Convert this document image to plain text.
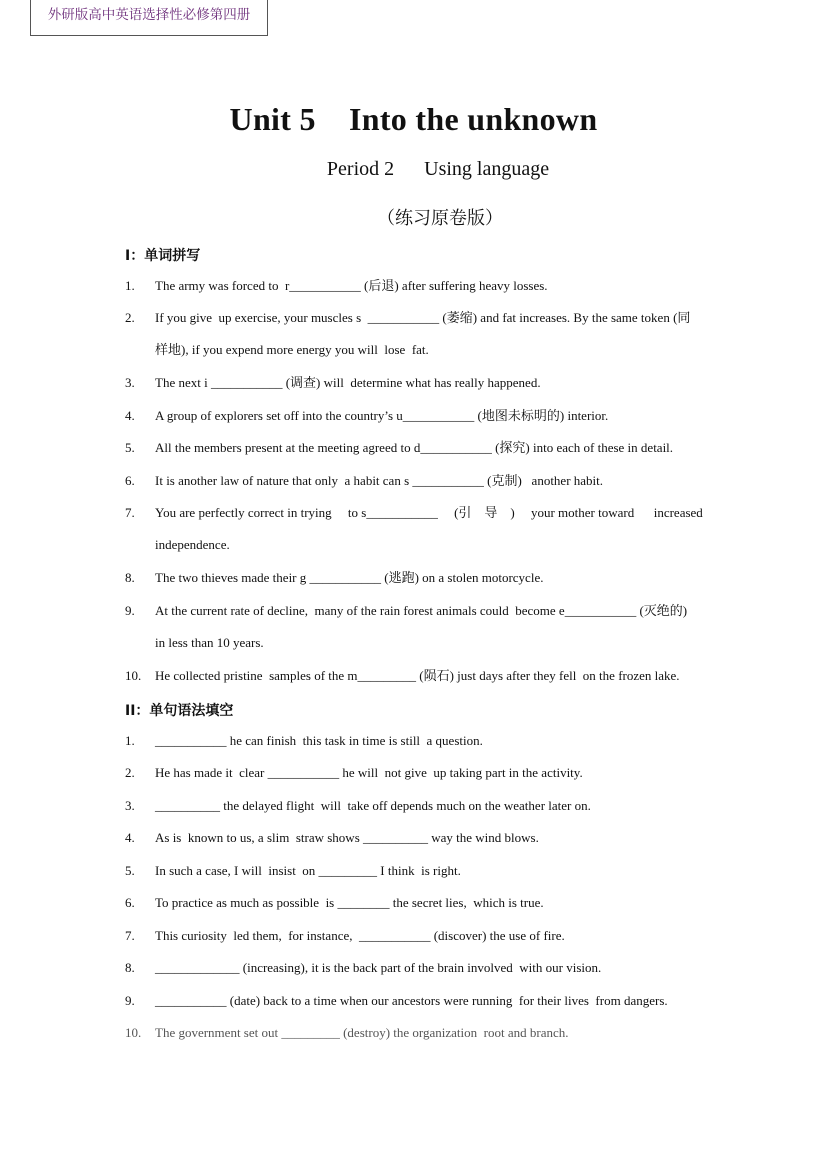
外研版高中英语选择性必修第四册
Unit 5    Into the unknown
Period 2      Using language
（练习原卷版）
I：单词拼写
1. The army was forced to  r___________ (后退) after suffering heavy losses.
2. If you give  up exercise, your muscles s  ___________ (萎缩) and fat increases. By the same token (同
样地), if you expend more energy you will  lose  fat.
3. The next i ___________ (调查) will  determine what has really happened.
4. A group of explorers set off into the country’s u___________ (地图未标明的) interior.
5. All the members present at the meeting agreed to d___________ (探究) into each of these in detail.
6. It is another law of nature that only  a habit can s ___________ (克制)   another habit.
7. You are perfectly correct in trying     to s___________     (引    导    )     your mother toward      increased
independence.
8. The two thieves made their g ___________ (逃跑) on a stolen motorcycle.
9. At the current rate of decline,  many of the rain forest animals could  become e___________ (灭绝的)
in less than 10 years.
10. He collected pristine  samples of the m_________ (陨石) just days after they fell  on the frozen lake.
II：单句语法填空
1. ___________ he can finish  this task in time is still  a question.
2. He has made it  clear ___________ he will  not give  up taking part in the activity.
3. __________ the delayed flight  will  take off depends much on the weather later on.
4. As is  known to us, a slim  straw shows __________ way the wind blows.
5. In such a case, I will  insist  on _________ I think  is right.
6. To practice as much as possible  is ________ the secret lies,  which is true.
7. This curiosity  led them,  for instance,  ___________ (discover) the use of fire.
8. _____________ (increasing), it is the back part of the brain involved  with our vision.
9. ___________ (date) back to a time when our ancestors were running  for their lives  from dangers.
10. The government set out _________ (destroy) the organization  root and branch.
